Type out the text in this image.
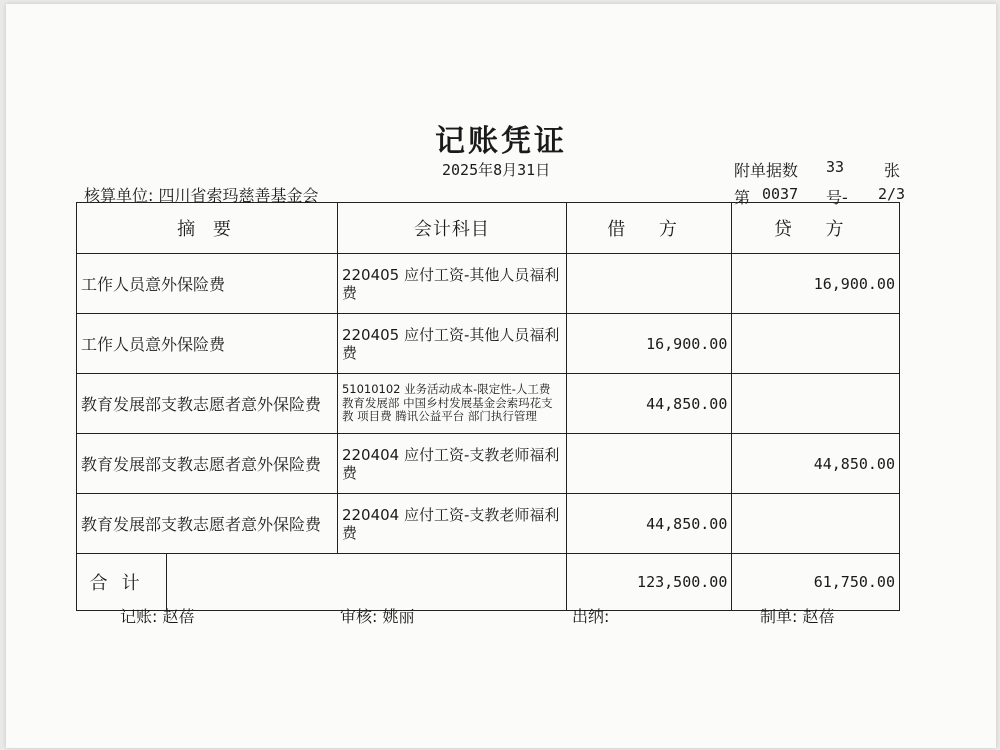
记账凭证
2025年8月31日	附单据数 33 张
核算单位: 四川省索玛慈善基金会	第 0037 号- 2/3
摘 要		会计科目	借 方	贷 方
工作人员意外保险费		220405 应付工资-其他人员福利费		16,900.00
工作人员意外保险费		220405 应付工资-其他人员福利费	16,900.00	
教育发展部支教志愿者意外保险费		51010102 业务活动成本-限定性-人工费 教育发展部 中国乡村发展基金会索玛花支教 项目费 腾讯公益平台 部门执行管理	44,850.00	
教育发展部支教志愿者意外保险费		220404 应付工资-支教老师福利费		44,850.00
教育发展部支教志愿者意外保险费		220404 应付工资-支教老师福利费	44,850.00	
合计			123,500.00	61,750.00
记账: 赵蓓	审核: 姚丽	出纳:	制单: 赵蓓
